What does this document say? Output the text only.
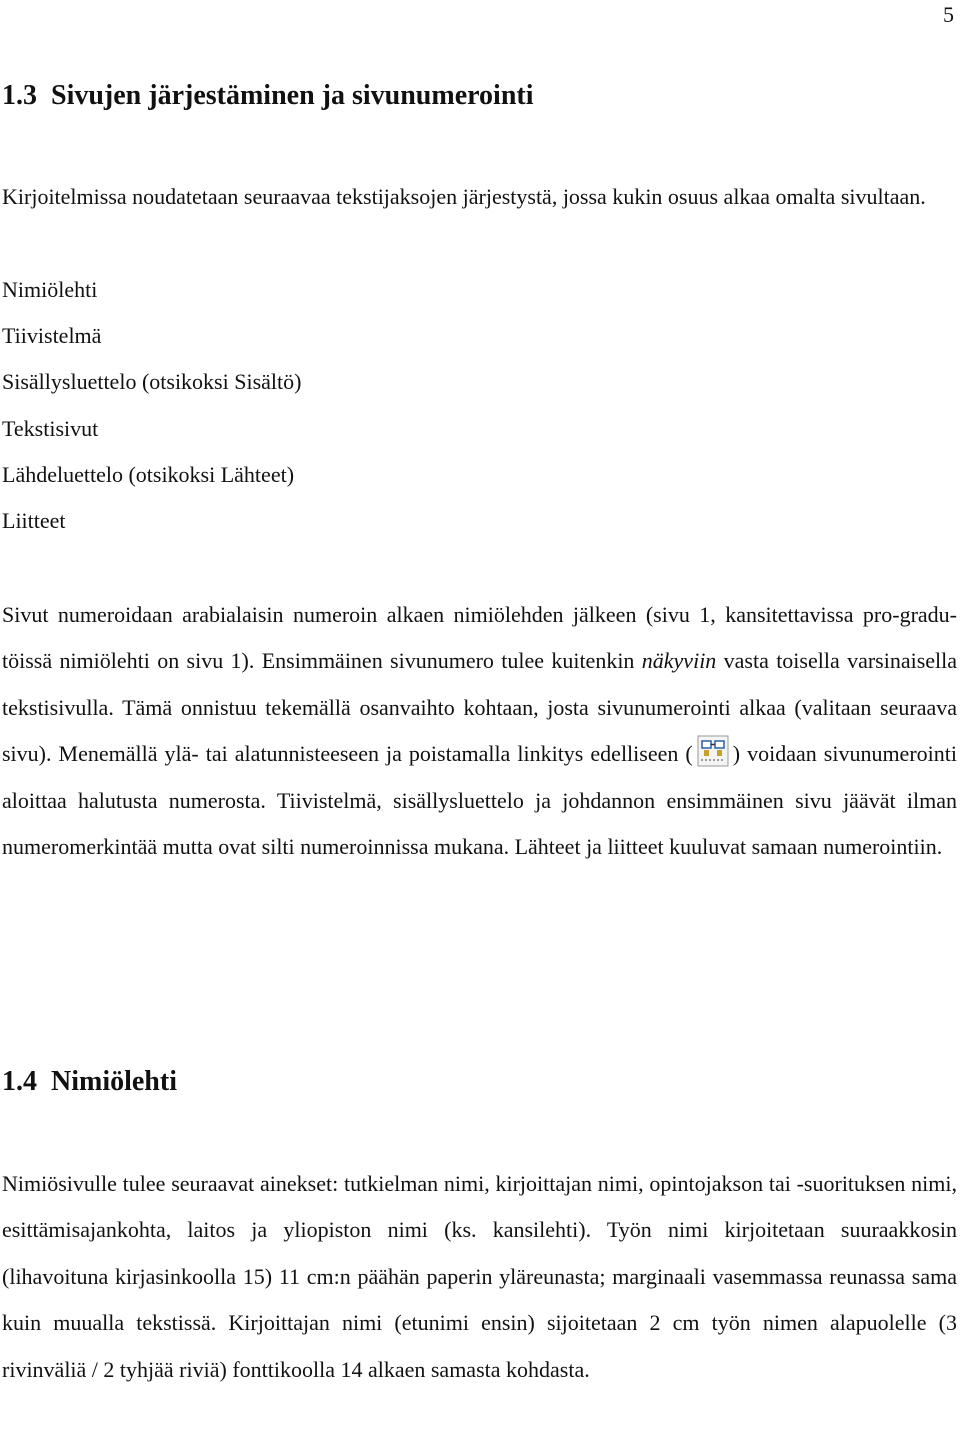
5
1.3 Sivujen järjestäminen ja sivunumerointi

Kirjoitelmissa noudatetaan seuraavaa tekstijaksojen järjestystä, jossa kukin osuus alkaa omalta sivultaan.

Nimiölehti
Tiivistelmä
Sisällysluettelo (otsikoksi Sisältö)
Tekstisivut
Lähdeluettelo (otsikoksi Lähteet)
Liitteet

Sivut numeroidaan arabialaisin numeroin alkaen nimiölehden jälkeen (sivu 1, kansitettavissa pro-gradu-töissä nimiölehti on sivu 1). Ensimmäinen sivunumero tulee kuitenkin näkyviin vasta toisella varsinaisella tekstisivulla. Tämä onnistuu tekemällä osanvaihto kohtaan, josta sivunumerointi alkaa (valitaan seuraava sivu). Menemällä ylä- tai alatunnisteeseen ja poistamalla linkitys edelliseen ( ) voidaan sivunumerointi aloittaa halutusta numerosta. Tiivistelmä, sisällysluettelo ja johdannon ensimmäinen sivu jäävät ilman numeromerkintää mutta ovat silti numeroinnissa mukana. Lähteet ja liitteet kuuluvat samaan numerointiin.

1.4 Nimiölehti

Nimiösivulle tulee seuraavat ainekset: tutkielman nimi, kirjoittajan nimi, opintojakson tai -suorituksen nimi, esittämisajankohta, laitos ja yliopiston nimi (ks. kansilehti). Työn nimi kirjoitetaan suuraakkosin (lihavoituna kirjasinkoolla 15) 11 cm:n päähän paperin yläreunasta; marginaali vasemmassa reunassa sama kuin muualla tekstissä. Kirjoittajan nimi (etunimi ensin) sijoitetaan 2 cm työn nimen alapuolelle (3 rivinväliä / 2 tyhjää riviä) fonttikoolla 14 alkaen samasta kohdasta.
